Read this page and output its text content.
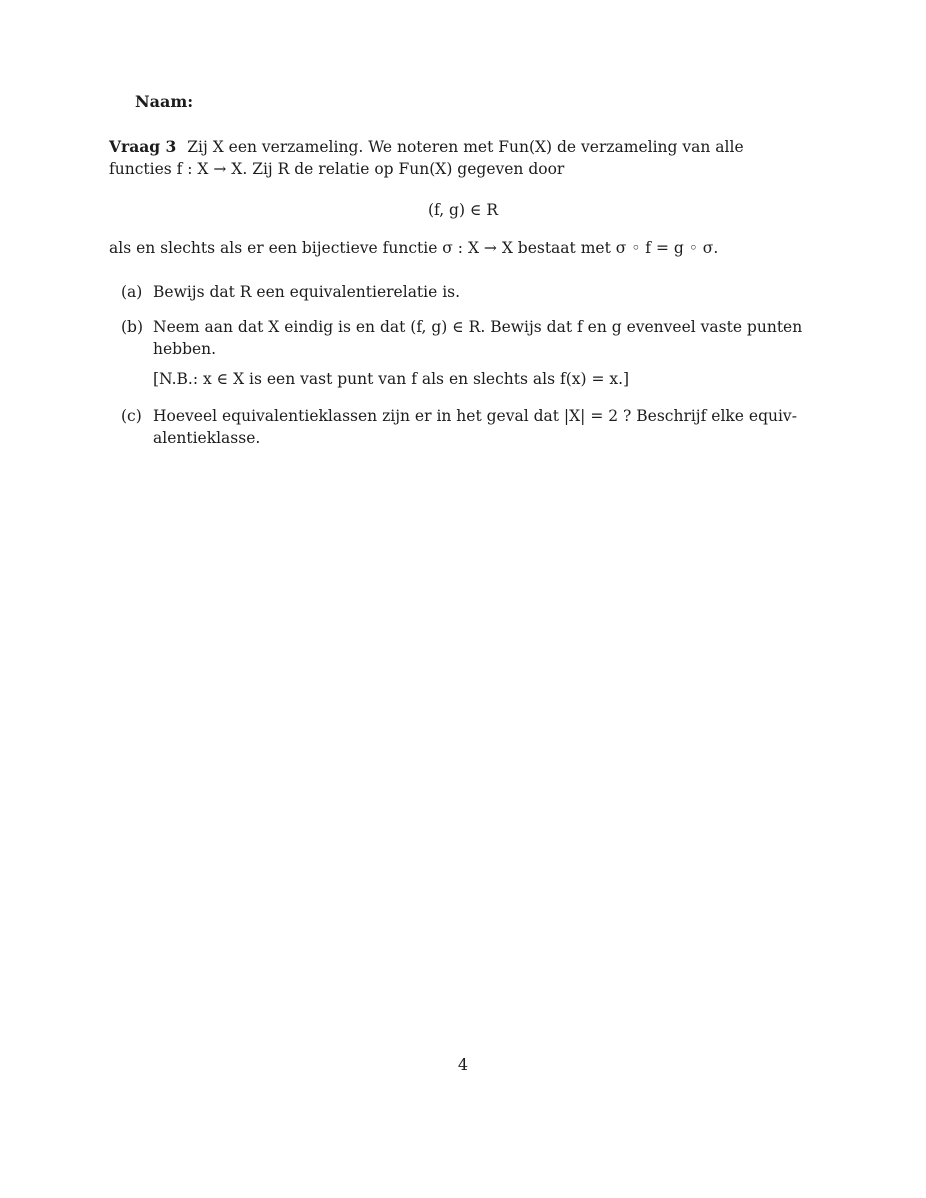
Naam:
Vraag 3 Zij X een verzameling. We noteren met Fun(X) de verzameling van alle functies f : X → X. Zij R de relatie op Fun(X) gegeven door
(f, g) ∈ R
als en slechts als er een bijectieve functie σ : X → X bestaat met σ ◦ f = g ◦ σ.
(a) Bewijs dat R een equivalentierelatie is.
(b) Neem aan dat X eindig is en dat (f, g) ∈ R. Bewijs dat f en g evenveel vaste punten hebben.
[N.B.: x ∈ X is een vast punt van f als en slechts als f(x) = x.]
(c) Hoeveel equivalentieklassen zijn er in het geval dat |X| = 2 ? Beschrijf elke equiv-alentieklasse.
4
